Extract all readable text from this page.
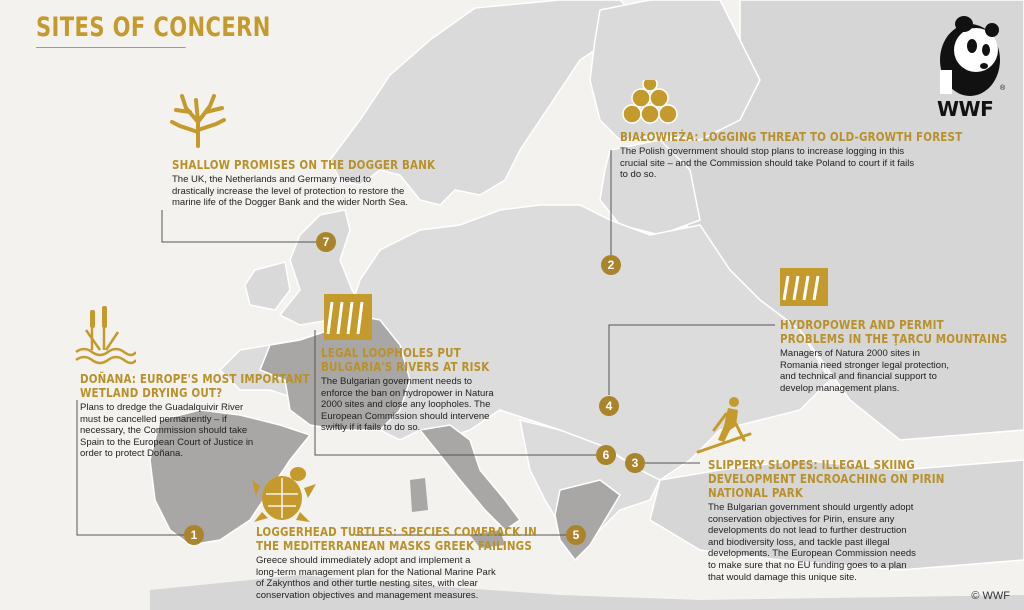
SITES OF CONCERN
WWF
®
1
2
3
4
5
6
7
SHALLOW PROMISES ON THE DOGGER BANK

The UK, the Netherlands and Germany need to
drastically increase the level of protection to restore the
marine life of the Dogger Bank and the wider North Sea.

BIAŁOWIEŻA: LOGGING THREAT TO OLD-GROWTH FOREST

The Polish government should stop plans to increase logging in this
crucial site – and the Commission should take Poland to court if it fails
to do so.

HYDROPOWER AND PERMIT
PROBLEMS IN THE ŢARCU MOUNTAINS

Managers of Natura 2000 sites in
Romania need stronger legal protection,
and technical and financial support to
develop management plans.

LEGAL LOOPHOLES PUT
BULGARIA'S RIVERS AT RISK

The Bulgarian government needs to
enforce the ban on hydropower in Natura
2000 sites and close any loopholes. The
European Commission should intervene
swiftly if it fails to do so.

DOÑANA: EUROPE'S MOST IMPORTANT
WETLAND DRYING OUT?

Plans to dredge the Guadalquivir River
must be cancelled permanently – if
necessary, the Commission should take
Spain to the European Court of Justice in
order to protect Doñana.

SLIPPERY SLOPES: ILLEGAL SKIING
DEVELOPMENT ENCROACHING ON PIRIN
NATIONAL PARK

The Bulgarian government should urgently adopt
conservation objectives for Pirin, ensure any
developments do not lead to further destruction
and biodiversity loss, and tackle past illegal
developments. The European Commission needs
to make sure that no EU funding goes to a plan
that would damage this unique site.

LOGGERHEAD TURTLES: SPECIES COMEBACK IN
THE MEDITERRANEAN MASKS GREEK FAILINGS

Greece should immediately adopt and implement a
long-term management plan for the National Marine Park
of Zakynthos and other turtle nesting sites, with clear
conservation objectives and management measures.	© WWF
